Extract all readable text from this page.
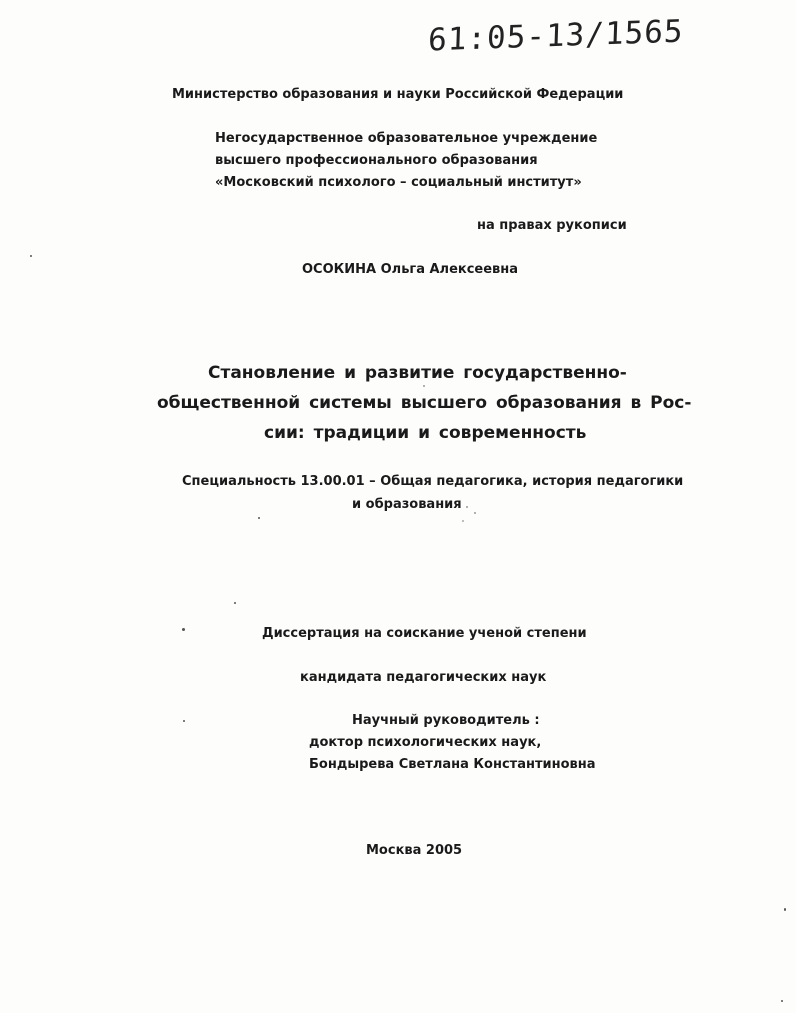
61:05-13/1565
Министерство образования и науки Российской Федерации
Негосударственное образовательное учреждение
высшего профессионального образования
«Московский психолого – социальный институт»
на правах рукописи
ОСОКИНА Ольга Алексеевна
Становление и развитие государственно-
общественной системы высшего образования в Рос-
сии: традиции и современность
Специальность 13.00.01 – Общая педагогика, история педагогики
и образования
Диссертация на соискание ученой степени
кандидата педагогических наук
Научный руководитель :
доктор психологических наук,
Бондырева Светлана Константиновна
Москва 2005
